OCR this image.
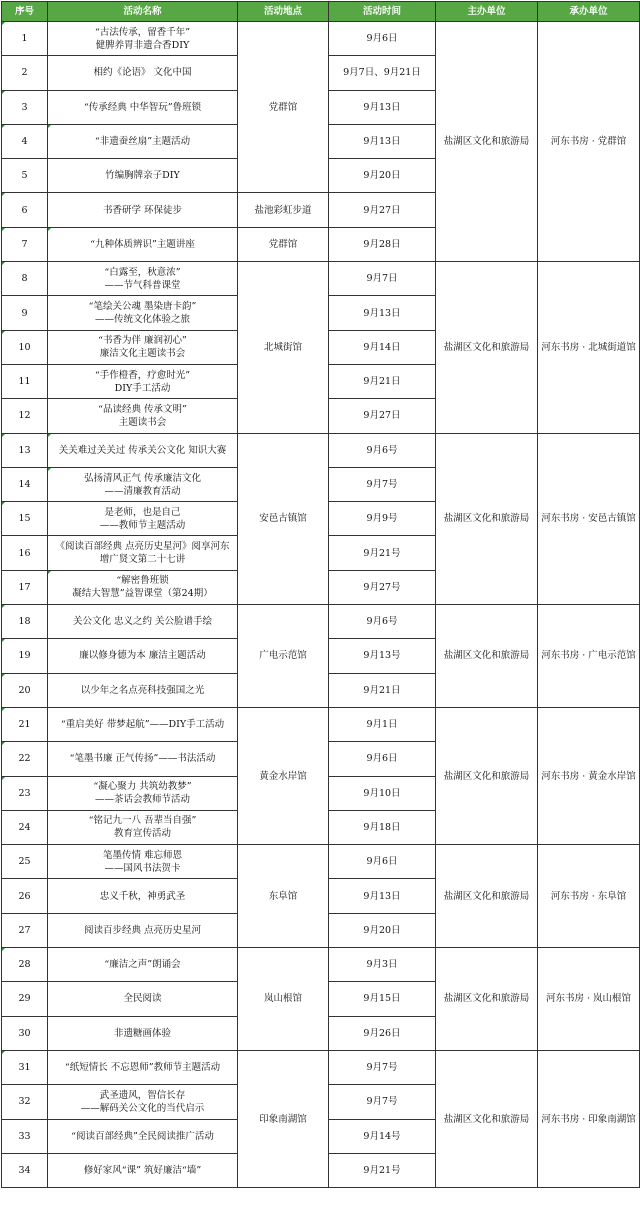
序号	活动名称	活动地点	活动时间	主办单位	承办单位
1	“古法传承，留香千年”
健脾养胃非遗合香DIY	党群馆	9月6日	盐湖区文化和旅游局	河东书房 · 党群馆
2	相约《论语》 文化中国		9月7日、9月21日		
3	“传承经典 中华智玩”鲁班锁		9月13日		
4	“非遗蚕丝扇”主题活动		9月13日		
5	竹编胸牌亲子DIY		9月20日		
6	书香研学 环保徒步	盐池彩虹步道	9月27日		
7	“九种体质辨识”主题讲座	党群馆	9月28日		
8	“白露至，秋意浓”
——节气科普课堂	北城街馆	9月7日	盐湖区文化和旅游局	河东书房 · 北城街道馆
9	“笔绘关公魂 墨染唐卡韵”
——传统文化体验之旅		9月13日		
10	“书香为伴 廉润初心”
廉洁文化主题读书会		9月14日		
11	“手作橙香，疗愈时光”
DIY手工活动		9月21日		
12	“品读经典 传承文明”
主题读书会		9月27日		
13	关关难过关关过 传承关公文化 知识大赛	安邑古镇馆	9月6号	盐湖区文化和旅游局	河东书房 · 安邑古镇馆
14	弘扬清风正气 传承廉洁文化
——清廉教育活动		9月7号		
15	是老师，也是自己
——教师节主题活动		9月9号		
16	《阅读百部经典 点亮历史星河》阅享河东
增广贤文第二十七讲		9月21号		
17	“解密鲁班锁
凝结大智慧”益智课堂（第24期）		9月27号		
18	关公文化 忠义之约 关公脸谱手绘	广电示范馆	9月6号	盐湖区文化和旅游局	河东书房 · 广电示范馆
19	廉以修身德为本 廉洁主题活动		9月13号		
20	以少年之名点亮科技强国之光		9月21日		
21	“重启美好 带梦起航”——DIY手工活动	黄金水岸馆	9月1日	盐湖区文化和旅游局	河东书房 · 黄金水岸馆
22	“笔墨书廉 正气传扬”——书法活动		9月6日		
23	“凝心聚力 共筑幼教梦”
——茶话会教师节活动		9月10日		
24	“铭记九一八 吾辈当自强”
教育宣传活动		9月18日		
25	笔墨传情 难忘师恩
——国风书法贺卡	东阜馆	9月6日	盐湖区文化和旅游局	河东书房 · 东阜馆
26	忠义千秋，神勇武圣		9月13日		
27	阅读百步经典 点亮历史星河		9月20日		
28	“廉洁之声”朗诵会	岚山根馆	9月3日	盐湖区文化和旅游局	河东书房 · 岚山根馆
29	全民阅读		9月15日		
30	非遗糖画体验		9月26日		
31	“纸短情长 不忘恩师”教师节主题活动	印象南湖馆	9月7号	盐湖区文化和旅游局	河东书房 · 印象南湖馆
32	武圣遗风，智信长存
——解码关公文化的当代启示		9月7号		
33	“阅读百部经典”全民阅读推广活动		9月14号		
34	修好家风“课” 筑好廉洁“墙”		9月21号		
